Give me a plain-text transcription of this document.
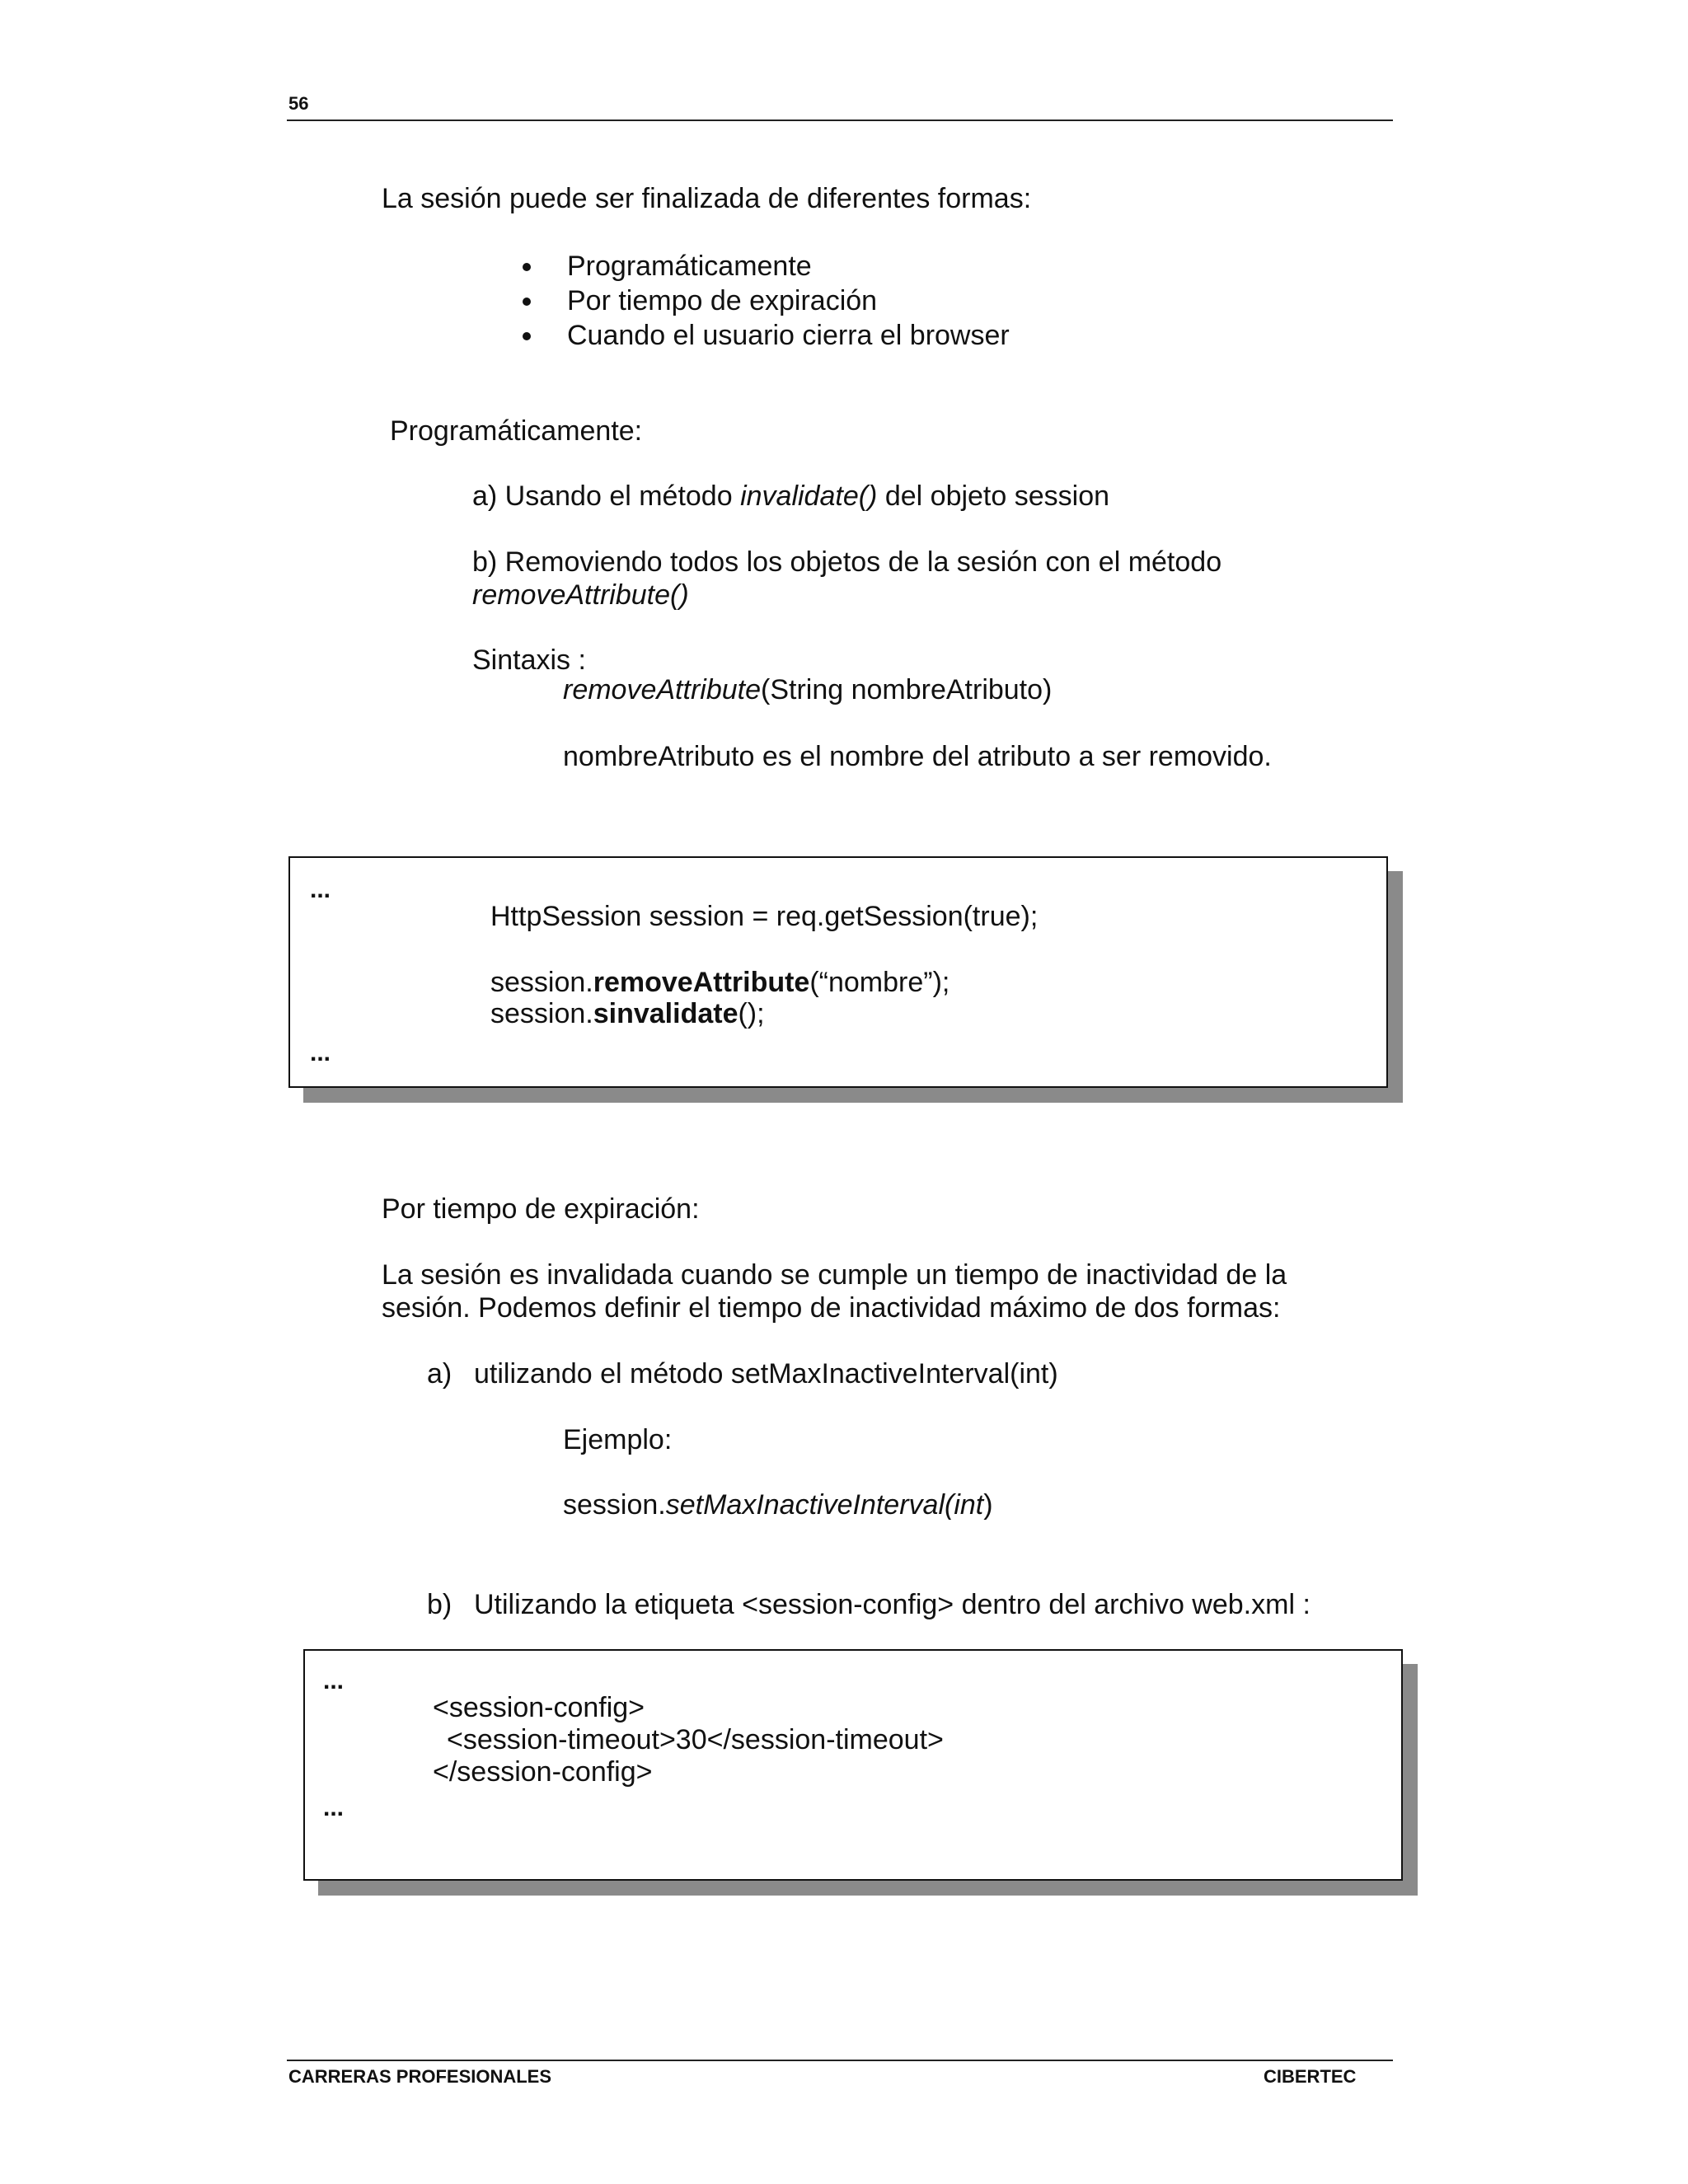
56
La sesión puede ser finalizada de diferentes formas:
Programáticamente
Por tiempo de expiración
Cuando el usuario cierra el browser
Programáticamente:
a) Usando el método invalidate() del objeto session
b) Removiendo todos los objetos de la sesión con el método
removeAttribute()
Sintaxis :
removeAttribute(String nombreAtributo)
nombreAtributo es el nombre del atributo a ser removido.
...
HttpSession session = req.getSession(true);
session.removeAttribute(“nombre”);
session.sinvalidate();
...
Por tiempo de expiración:
La sesión es invalidada cuando se cumple un tiempo de inactividad de la
sesión. Podemos definir el tiempo de inactividad máximo de dos formas:
a) utilizando el método setMaxInactiveInterval(int)
Ejemplo:
session.setMaxInactiveInterval(int)
b) Utilizando la etiqueta <session-config> dentro del archivo web.xml :
...
<session-config>
<session-timeout>30</session-timeout>
</session-config>
...
CARRERAS PROFESIONALES	CIBERTEC
